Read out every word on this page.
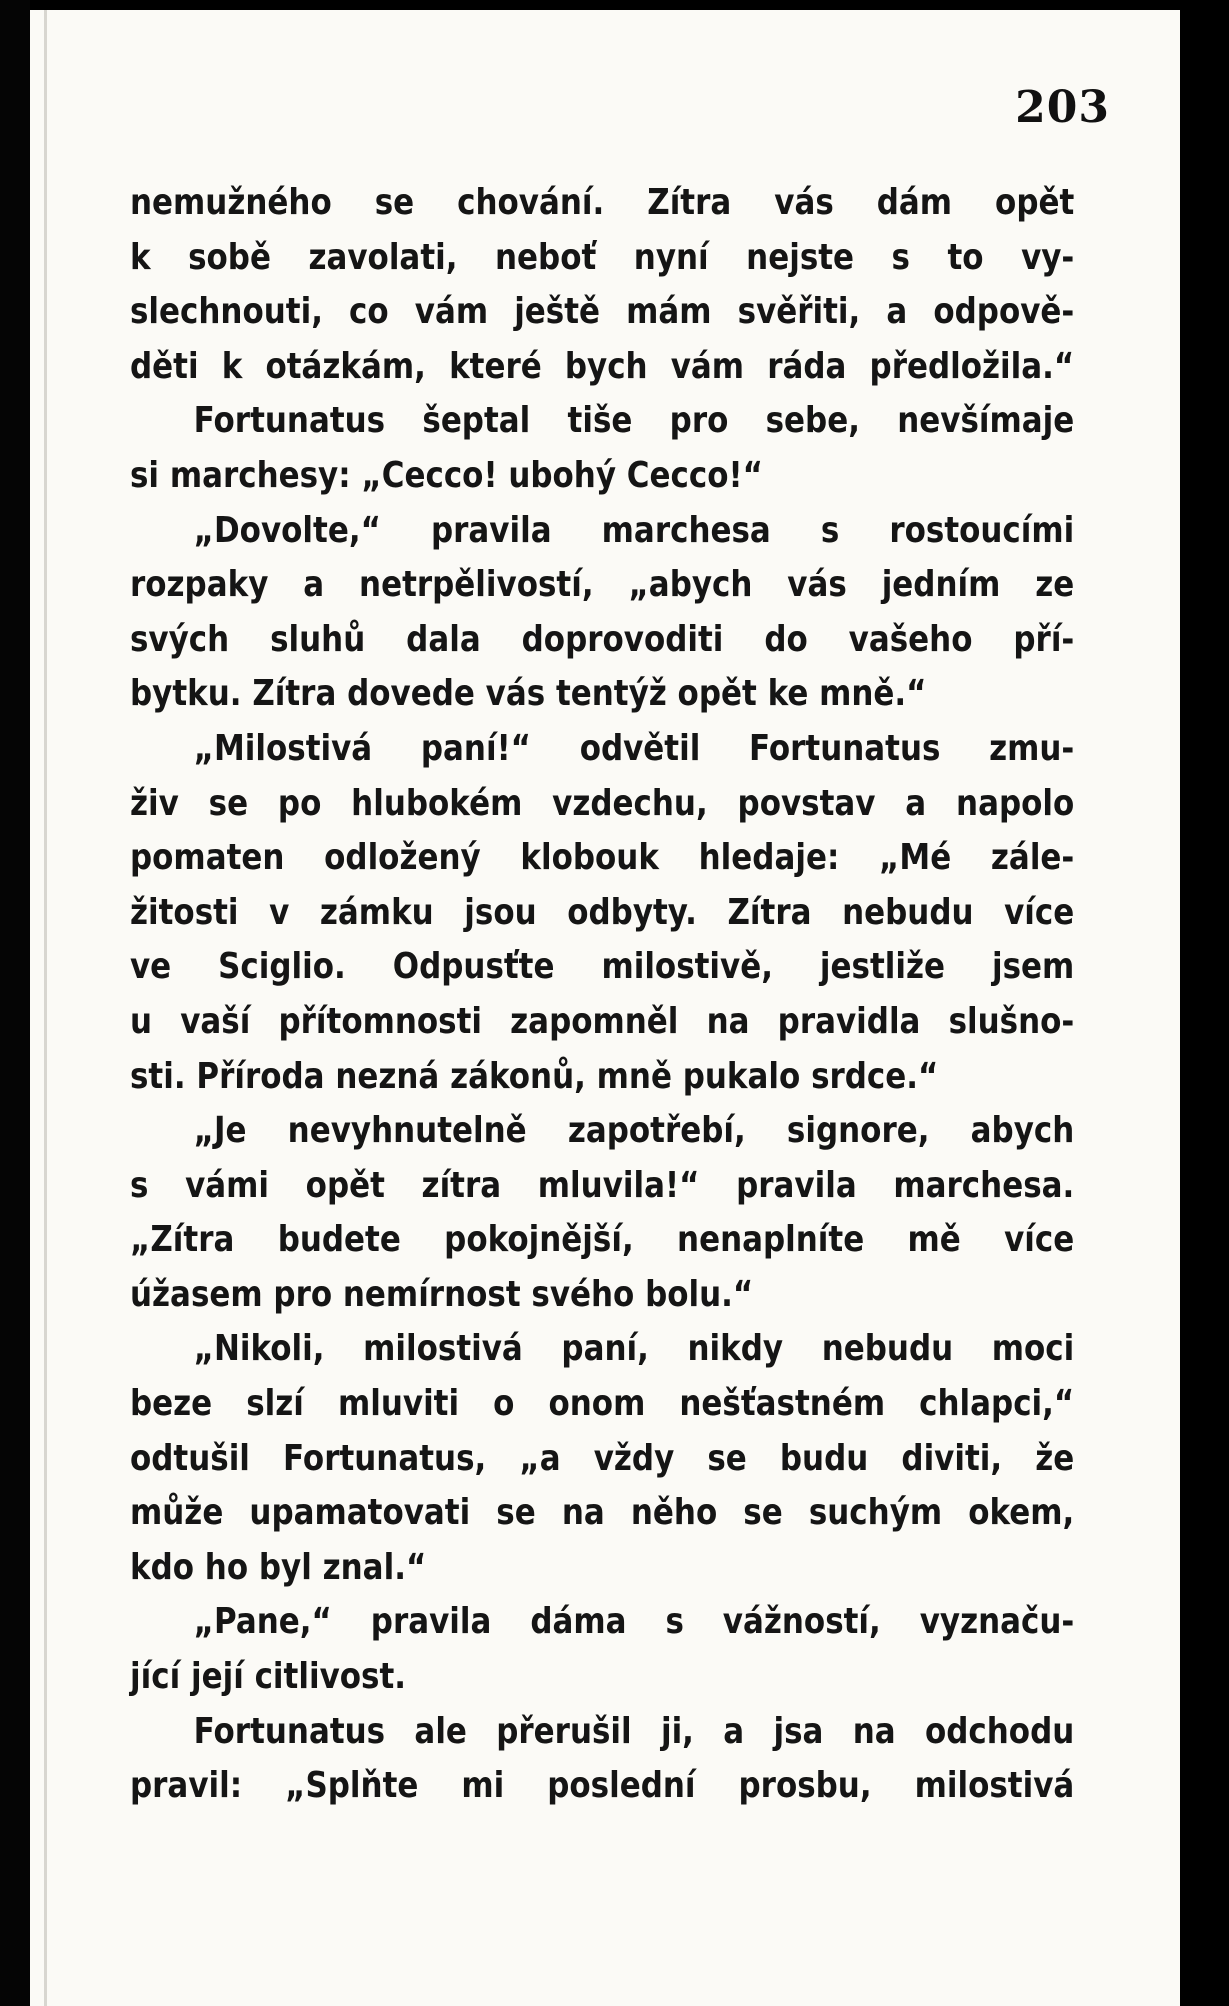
203
nemužného se chování. Zítra vás dám opět
k sobě zavolati, neboť nyní nejste s to vy-
slechnouti, co vám ještě mám svěřiti, a odpově-
děti k otázkám, které bych vám ráda předložila.“
Fortunatus šeptal tiše pro sebe, nevšímaje
si marchesy: „Cecco! ubohý Cecco!“
„Dovolte,“ pravila marchesa s rostoucími
rozpaky a netrpělivostí, „abych vás jedním ze
svých sluhů dala doprovoditi do vašeho pří-
bytku. Zítra dovede vás tentýž opět ke mně.“
„Milostivá paní!“ odvětil Fortunatus zmu-
živ se po hlubokém vzdechu, povstav a napolo
pomaten odložený klobouk hledaje: „Mé zále-
žitosti v zámku jsou odbyty. Zítra nebudu více
ve Sciglio. Odpusťte milostivě, jestliže jsem
u vaší přítomnosti zapomněl na pravidla slušno-
sti. Příroda nezná zákonů, mně pukalo srdce.“
„Je nevyhnutelně zapotřebí, signore, abych
s vámi opět zítra mluvila!“ pravila marchesa.
„Zítra budete pokojnější, nenaplníte mě více
úžasem pro nemírnost svého bolu.“
„Nikoli, milostivá paní, nikdy nebudu moci
beze slzí mluviti o onom nešťastném chlapci,“
odtušil Fortunatus, „a vždy se budu diviti, že
může upamatovati se na něho se suchým okem,
kdo ho byl znal.“
„Pane,“ pravila dáma s vážností, vyznaču-
jící její citlivost.
Fortunatus ale přerušil ji, a jsa na odchodu
pravil: „Splňte mi poslední prosbu, milostivá
